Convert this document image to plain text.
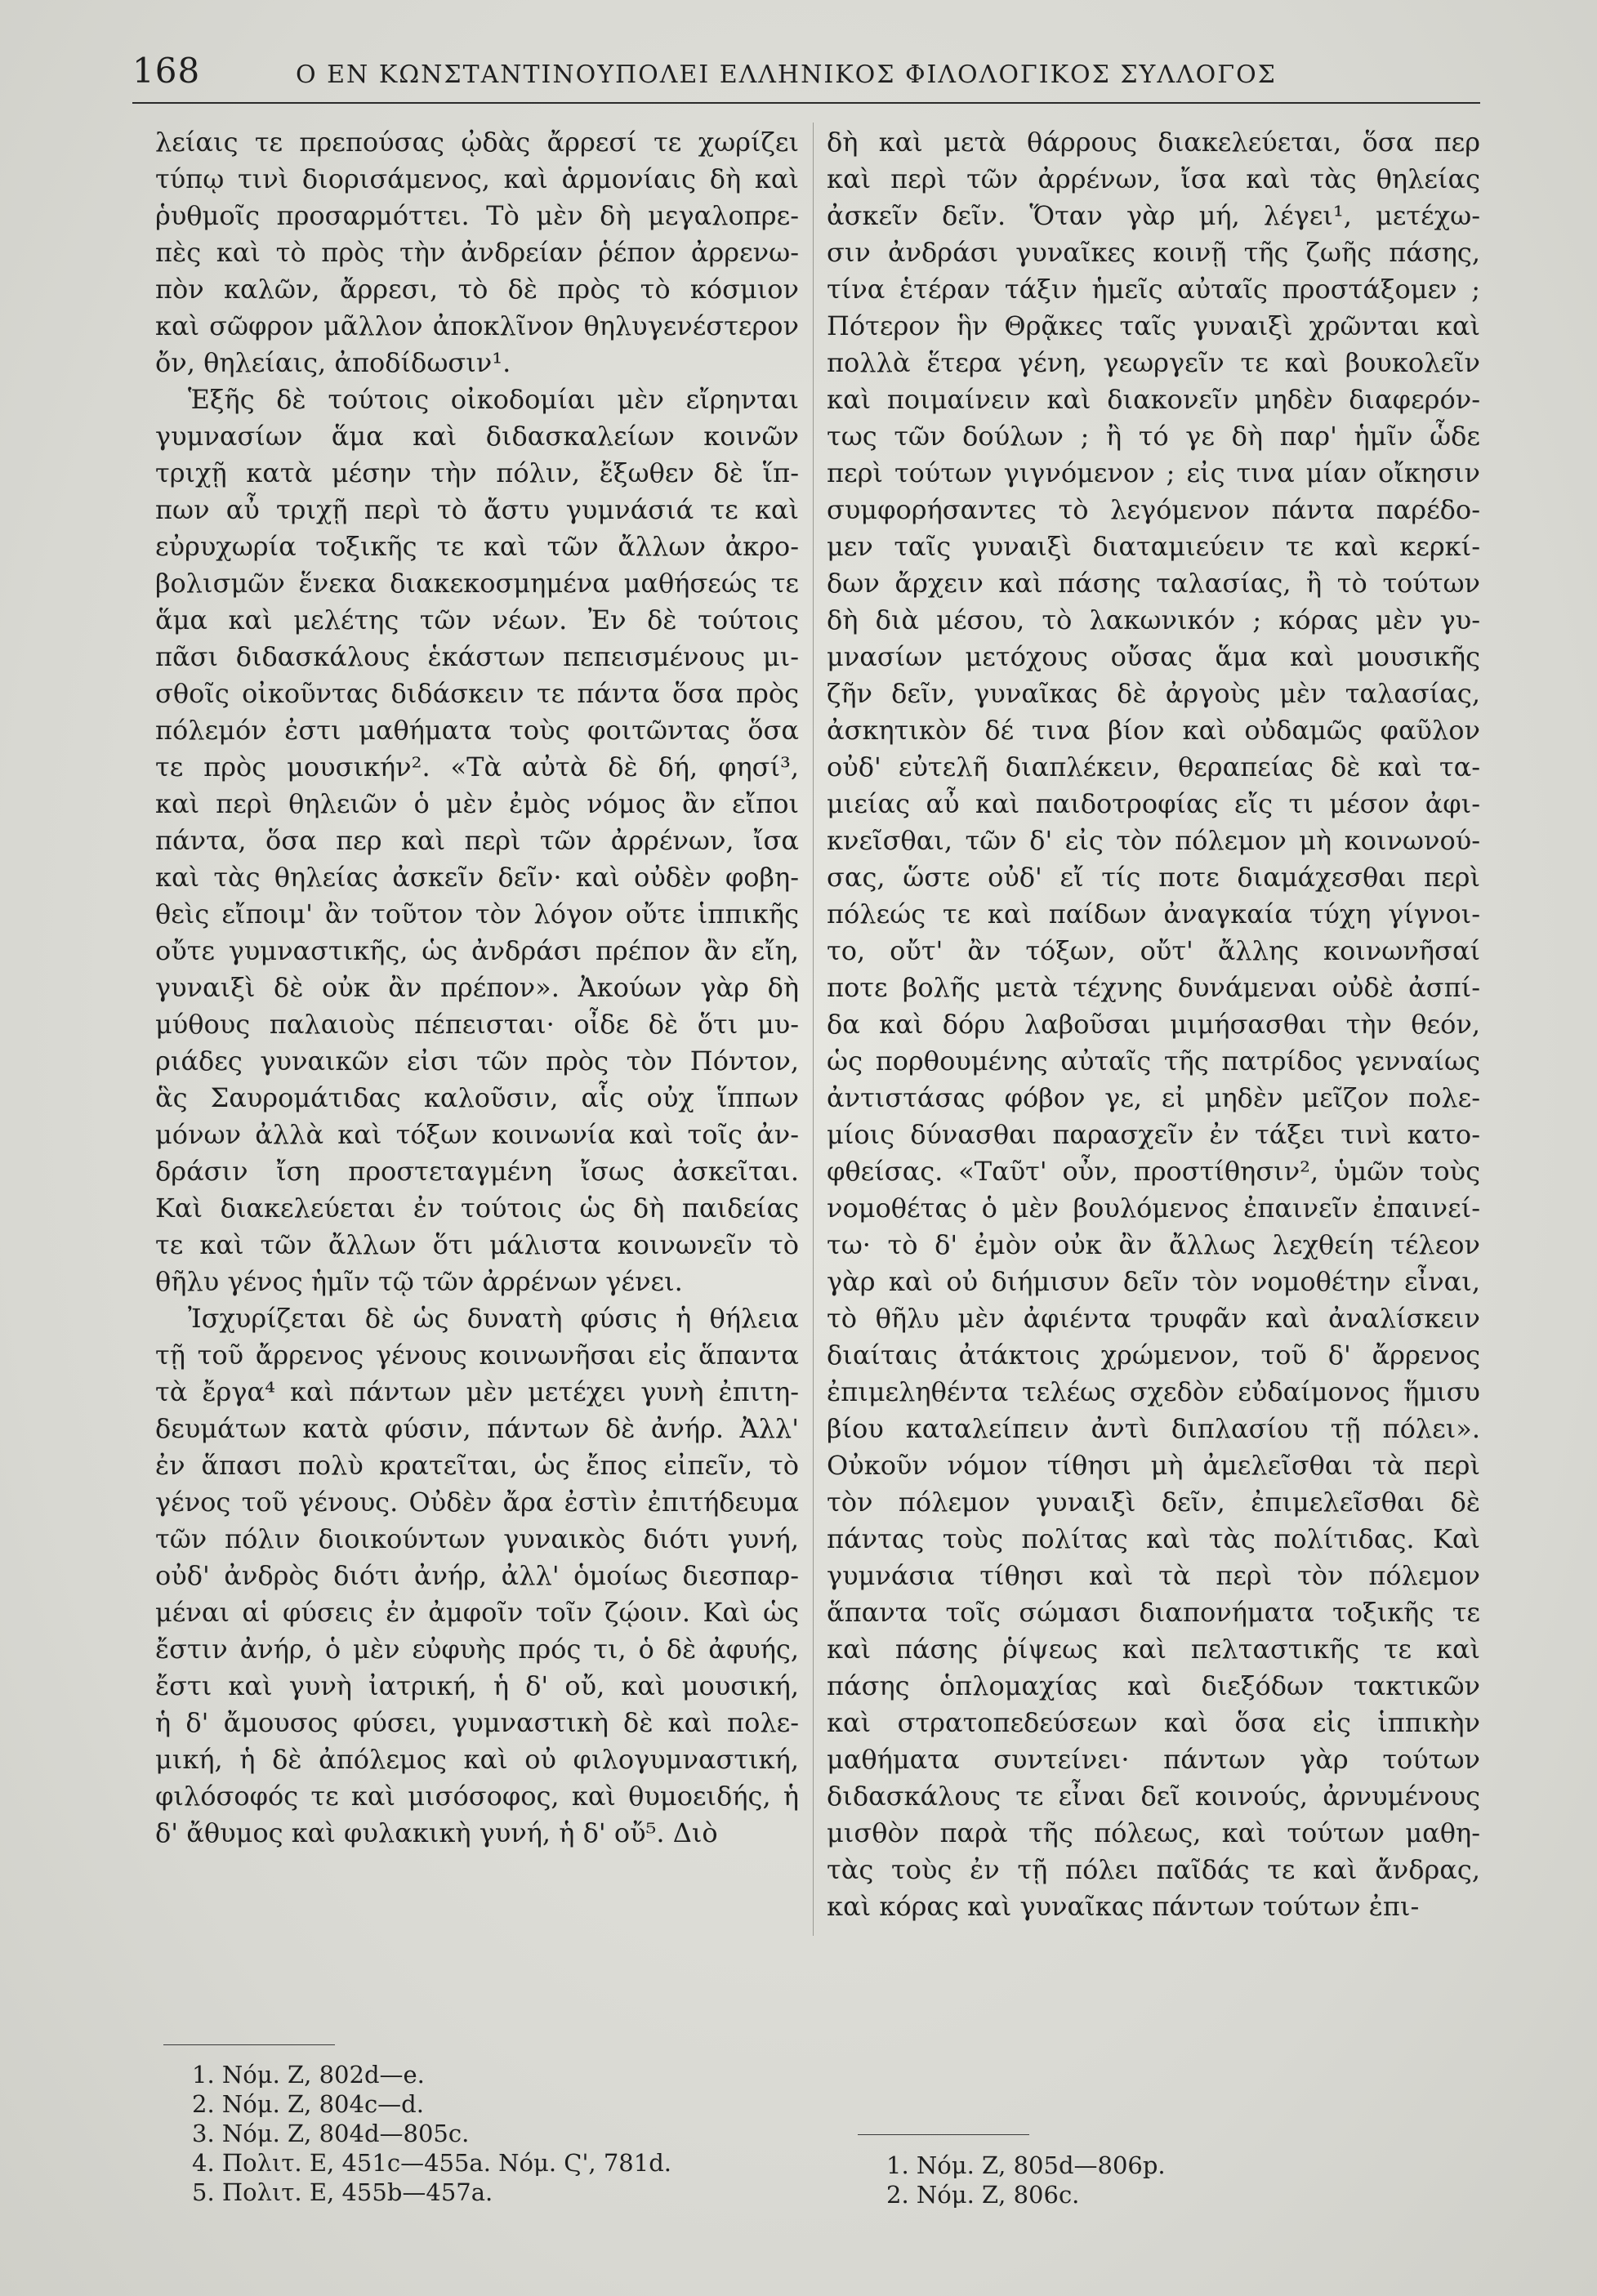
168	Ο ΕΝ ΚΩΝΣΤΑΝΤΙΝΟΥΠΟΛΕΙ ΕΛΛΗΝΙΚΟΣ ΦΙΛΟΛΟΓΙΚΟΣ ΣΥΛΛΟΓΟΣ
λείαις τε πρεπούσας ᾠδὰς ἄρρεσί τε χωρίζει
τύπῳ τινὶ διορισάμενος, καὶ ἁρμονίαις δὴ καὶ
ῥυθμοῖς προσαρμόττει. Τὸ μὲν δὴ μεγαλοπρε-
πὲς καὶ τὸ πρὸς τὴν ἀνδρείαν ῥέπον ἀρρενω-
πὸν καλῶν, ἄρρεσι, τὸ δὲ πρὸς τὸ κόσμιον
καὶ σῶφρον μᾶλλον ἀποκλῖνον θηλυγενέστερον
ὄν, θηλείαις, ἀποδίδωσιν¹.
Ἑξῆς δὲ τούτοις οἰκοδομίαι μὲν εἴρηνται
γυμνασίων ἅμα καὶ διδασκαλείων κοινῶν
τριχῇ κατὰ μέσην τὴν πόλιν, ἔξωθεν δὲ ἵπ-
πων αὖ τριχῇ περὶ τὸ ἄστυ γυμνάσιά τε καὶ
εὐρυχωρία τοξικῆς τε καὶ τῶν ἄλλων ἀκρο-
βολισμῶν ἕνεκα διακεκοσμημένα μαθήσεώς τε
ἅμα καὶ μελέτης τῶν νέων. Ἐν δὲ τούτοις
πᾶσι διδασκάλους ἑκάστων πεπεισμένους μι-
σθοῖς οἰκοῦντας διδάσκειν τε πάντα ὅσα πρὸς
πόλεμόν ἐστι μαθήματα τοὺς φοιτῶντας ὅσα
τε πρὸς μουσικήν². «Τὰ αὐτὰ δὲ δή, φησί³,
καὶ περὶ θηλειῶν ὁ μὲν ἐμὸς νόμος ἂν εἴποι
πάντα, ὅσα περ καὶ περὶ τῶν ἀρρένων, ἴσα
καὶ τὰς θηλείας ἀσκεῖν δεῖν· καὶ οὐδὲν φοβη-
θεὶς εἴποιμ' ἂν τοῦτον τὸν λόγον οὔτε ἱππικῆς
οὔτε γυμναστικῆς, ὡς ἀνδράσι πρέπον ἂν εἴη,
γυναιξὶ δὲ οὐκ ἂν πρέπον». Ἀκούων γὰρ δὴ
μύθους παλαιοὺς πέπεισται· οἶδε δὲ ὅτι μυ-
ριάδες γυναικῶν εἰσι τῶν πρὸς τὸν Πόντον,
ἃς Σαυρομάτιδας καλοῦσιν, αἷς οὐχ ἵππων
μόνων ἀλλὰ καὶ τόξων κοινωνία καὶ τοῖς ἀν-
δράσιν ἴση προστεταγμένη ἴσως ἀσκεῖται.
Καὶ διακελεύεται ἐν τούτοις ὡς δὴ παιδείας
τε καὶ τῶν ἄλλων ὅτι μάλιστα κοινωνεῖν τὸ
θῆλυ γένος ἡμῖν τῷ τῶν ἀρρένων γένει.
Ἰσχυρίζεται δὲ ὡς δυνατὴ φύσις ἡ θήλεια
τῇ τοῦ ἄρρενος γένους κοινωνῆσαι εἰς ἅπαντα
τὰ ἔργα⁴ καὶ πάντων μὲν μετέχει γυνὴ ἐπιτη-
δευμάτων κατὰ φύσιν, πάντων δὲ ἀνήρ. Ἀλλ'
ἐν ἅπασι πολὺ κρατεῖται, ὡς ἔπος εἰπεῖν, τὸ
γένος τοῦ γένους. Οὐδὲν ἄρα ἐστὶν ἐπιτήδευμα
τῶν πόλιν διοικούντων γυναικὸς διότι γυνή,
οὐδ' ἀνδρὸς διότι ἀνήρ, ἀλλ' ὁμοίως διεσπαρ-
μέναι αἱ φύσεις ἐν ἀμφοῖν τοῖν ζῴοιν. Καὶ ὡς
ἔστιν ἀνήρ, ὁ μὲν εὐφυὴς πρός τι, ὁ δὲ ἀφυής,
ἔστι καὶ γυνὴ ἰατρική, ἡ δ' οὔ, καὶ μουσική,
ἡ δ' ἄμουσος φύσει, γυμναστικὴ δὲ καὶ πολε-
μική, ἡ δὲ ἀπόλεμος καὶ οὐ φιλογυμναστική,
φιλόσοφός τε καὶ μισόσοφος, καὶ θυμοειδής, ἡ
δ' ἄθυμος καὶ φυλακικὴ γυνή, ἡ δ' οὔ⁵. Διὸ
δὴ καὶ μετὰ θάρρους διακελεύεται, ὅσα περ
καὶ περὶ τῶν ἀρρένων, ἴσα καὶ τὰς θηλείας
ἀσκεῖν δεῖν. Ὅταν γὰρ μή, λέγει¹, μετέχω-
σιν ἀνδράσι γυναῖκες κοινῇ τῆς ζωῆς πάσης,
τίνα ἑτέραν τάξιν ἡμεῖς αὐταῖς προστάξομεν ;
Πότερον ἣν Θρᾷκες ταῖς γυναιξὶ χρῶνται καὶ
πολλὰ ἕτερα γένη, γεωργεῖν τε καὶ βουκολεῖν
καὶ ποιμαίνειν καὶ διακονεῖν μηδὲν διαφερόν-
τως τῶν δούλων ; ἢ τό γε δὴ παρ' ἡμῖν ὧδε
περὶ τούτων γιγνόμενον ; εἰς τινα μίαν οἴκησιν
συμφορήσαντες τὸ λεγόμενον πάντα παρέδο-
μεν ταῖς γυναιξὶ διαταμιεύειν τε καὶ κερκί-
δων ἄρχειν καὶ πάσης ταλασίας, ἢ τὸ τούτων
δὴ διὰ μέσου, τὸ λακωνικόν ; κόρας μὲν γυ-
μνασίων μετόχους οὔσας ἅμα καὶ μουσικῆς
ζῆν δεῖν, γυναῖκας δὲ ἀργοὺς μὲν ταλασίας,
ἀσκητικὸν δέ τινα βίον καὶ οὐδαμῶς φαῦλον
οὐδ' εὐτελῆ διαπλέκειν, θεραπείας δὲ καὶ τα-
μιείας αὖ καὶ παιδοτροφίας εἴς τι μέσον ἀφι-
κνεῖσθαι, τῶν δ' εἰς τὸν πόλεμον μὴ κοινωνού-
σας, ὥστε οὐδ' εἴ τίς ποτε διαμάχεσθαι περὶ
πόλεώς τε καὶ παίδων ἀναγκαία τύχη γίγνοι-
το, οὔτ' ἂν τόξων, οὔτ' ἄλλης κοινωνῆσαί
ποτε βολῆς μετὰ τέχνης δυνάμεναι οὐδὲ ἀσπί-
δα καὶ δόρυ λαβοῦσαι μιμήσασθαι τὴν θεόν,
ὡς πορθουμένης αὐταῖς τῆς πατρίδος γενναίως
ἀντιστάσας φόβον γε, εἰ μηδὲν μεῖζον πολε-
μίοις δύνασθαι παρασχεῖν ἐν τάξει τινὶ κατο-
φθείσας. «Ταῦτ' οὖν, προστίθησιν², ὑμῶν τοὺς
νομοθέτας ὁ μὲν βουλόμενος ἐπαινεῖν ἐπαινεί-
τω· τὸ δ' ἐμὸν οὐκ ἂν ἄλλως λεχθείη τέλεον
γὰρ καὶ οὐ διήμισυν δεῖν τὸν νομοθέτην εἶναι,
τὸ θῆλυ μὲν ἀφιέντα τρυφᾶν καὶ ἀναλίσκειν
διαίταις ἀτάκτοις χρώμενον, τοῦ δ' ἄρρενος
ἐπιμεληθέντα τελέως σχεδὸν εὐδαίμονος ἥμισυ
βίου καταλείπειν ἀντὶ διπλασίου τῇ πόλει».
Οὐκοῦν νόμον τίθησι μὴ ἀμελεῖσθαι τὰ περὶ
τὸν πόλεμον γυναιξὶ δεῖν, ἐπιμελεῖσθαι δὲ
πάντας τοὺς πολίτας καὶ τὰς πολίτιδας. Καὶ
γυμνάσια τίθησι καὶ τὰ περὶ τὸν πόλεμον
ἅπαντα τοῖς σώμασι διαπονήματα τοξικῆς τε
καὶ πάσης ῥίψεως καὶ πελταστικῆς τε καὶ
πάσης ὁπλομαχίας καὶ διεξόδων τακτικῶν
καὶ στρατοπεδεύσεων καὶ ὅσα εἰς ἱππικὴν
μαθήματα συντείνει· πάντων γὰρ τούτων
διδασκάλους τε εἶναι δεῖ κοινούς, ἀρνυμένους
μισθὸν παρὰ τῆς πόλεως, καὶ τούτων μαθη-
τὰς τοὺς ἐν τῇ πόλει παῖδάς τε καὶ ἄνδρας,
καὶ κόρας καὶ γυναῖκας πάντων τούτων ἐπι-
1. Νόμ. Ζ, 802d—e.
2. Νόμ. Ζ, 804c—d.
3. Νόμ. Ζ, 804d—805c.
4. Πολιτ. Ε, 451c—455a. Νόμ. Ϛ', 781d.
5. Πολιτ. Ε, 455b—457a.
1. Νόμ. Ζ, 805d—806p.
2. Νόμ. Ζ, 806c.
